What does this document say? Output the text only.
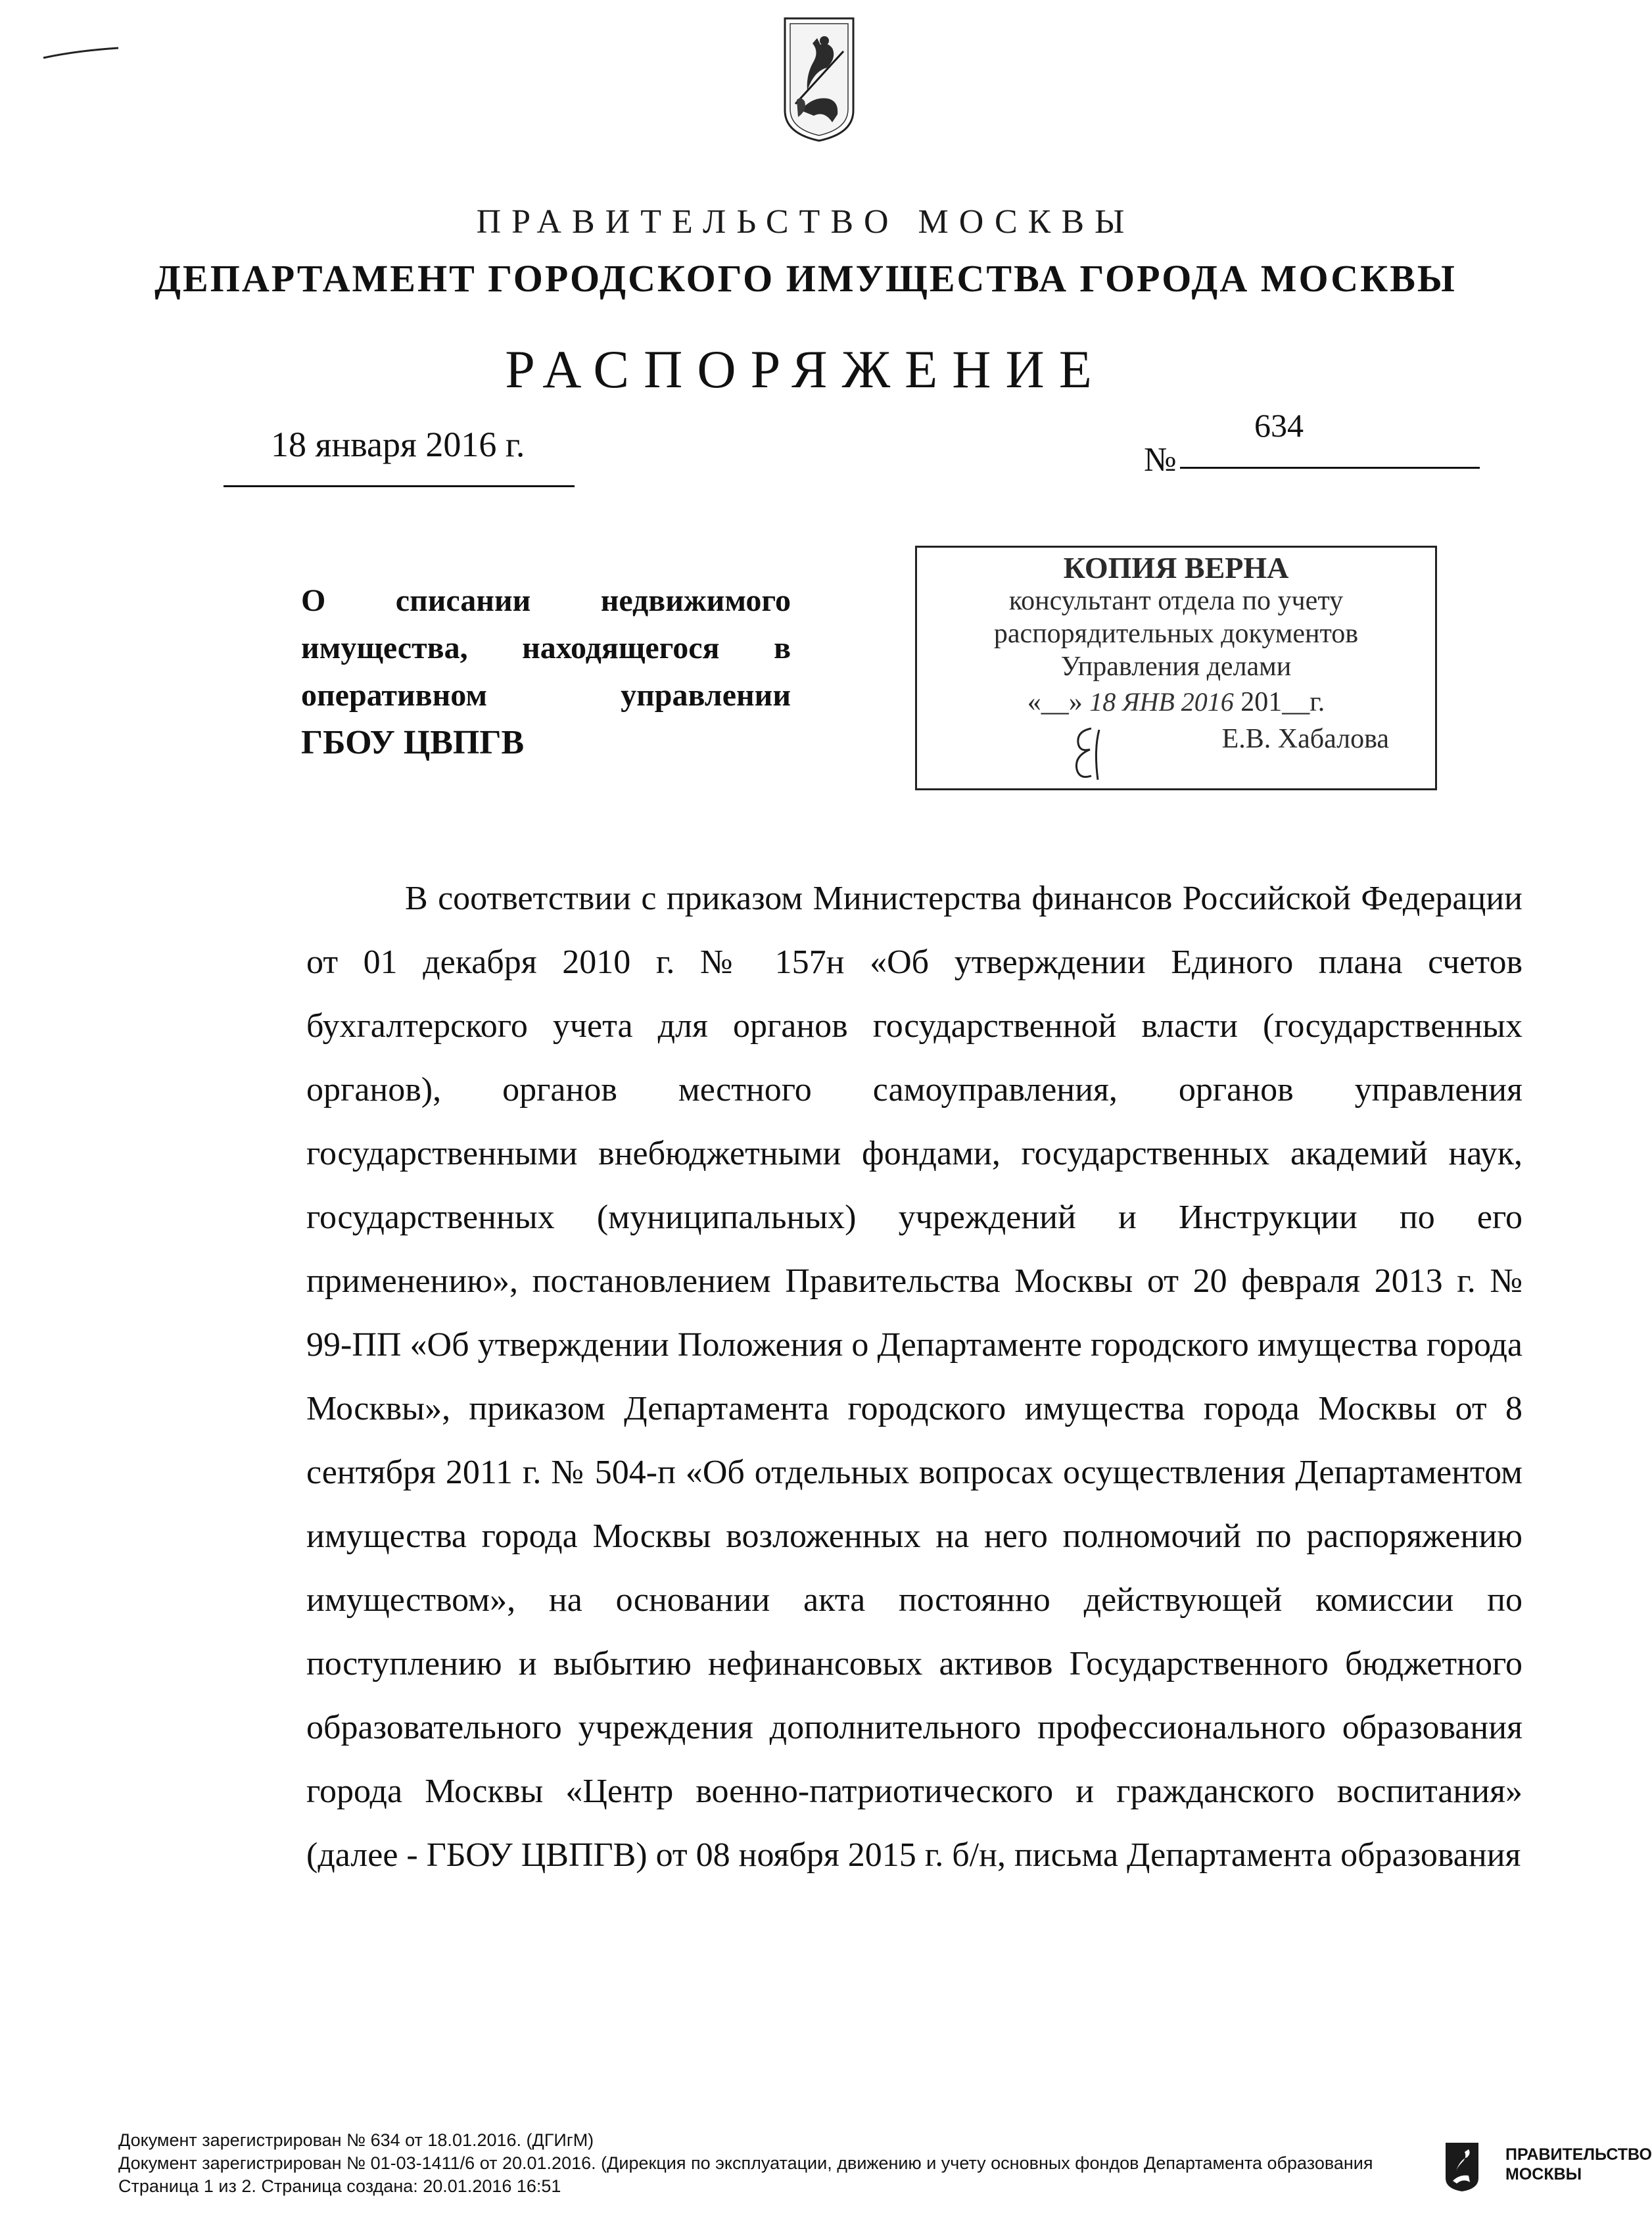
ПРАВИТЕЛЬСТВО МОСКВЫ
ДЕПАРТАМЕНТ ГОРОДСКОГО ИМУЩЕСТВА ГОРОДА МОСКВЫ
РАСПОРЯЖЕНИЕ
18 января 2016 г.	№
634
О списании недвижимого
имущества, находящегося в
оперативном управлении
ГБОУ ЦВПГВ
КОПИЯ ВЕРНА
консультант отдела по учету
распорядительных документов
Управления делами
«__» 18 ЯНВ 2016 201__г.
Е.В. Хабалова

В соответствии с приказом Министерства финансов Российской Федерации от 01 декабря 2010 г. № 157н «Об утверждении Единого плана счетов бухгалтерского учета для органов государственной власти (государственных органов), органов местного самоуправления, органов управления государственными внебюджетными фондами, государственных академий наук, государственных (муниципальных) учреждений и Инструкции по его применению», постановлением Правительства Москвы от 20 февраля 2013 г. № 99-ПП «Об утверждении Положения о Департаменте городского имущества города Москвы», приказом Департамента городского имущества города Москвы от 8 сентября 2011 г. № 504-п «Об отдельных вопросах осуществления Департаментом имущества города Москвы возложенных на него полномочий по распоряжению имуществом», на основании акта постоянно действующей комиссии по поступлению и выбытию нефинансовых активов Государственного бюджетного образовательного учреждения дополнительного профессионального образования города Москвы «Центр военно-патриотического и гражданского воспитания» (далее - ГБОУ ЦВПГВ) от 08 ноября 2015 г. б/н, письма Департамента образования

Документ зарегистрирован № 634 от 18.01.2016. (ДГИгМ)
Документ зарегистрирован № 01-03-1411/6 от 20.01.2016. (Дирекция по эксплуатации, движению и учету основных фондов Департамента образования
Страница 1 из 2. Страница создана: 20.01.2016 16:51
ПРАВИТЕЛЬСТВО
МОСКВЫ
